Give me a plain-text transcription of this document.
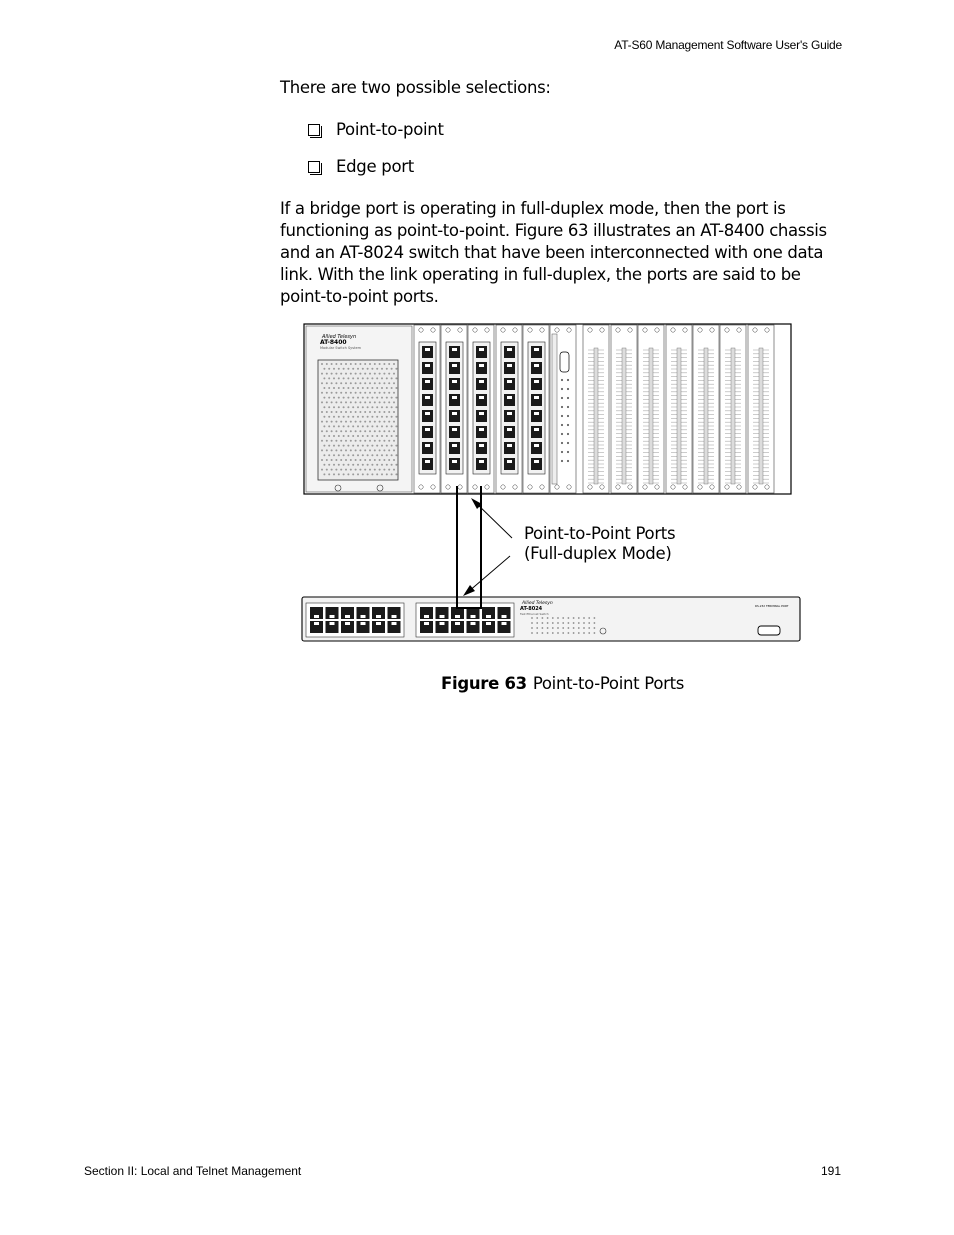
AT-S60 Management Software User's Guide
There are two possible selections:
Point-to-point
Edge port

If a bridge port is operating in full-duplex mode, then the port is functioning as point-to-point. Figure 63 illustrates an AT-8400 chassis and an AT-8024 switch that have been interconnected with one data link. With the link operating in full-duplex, the ports are said to be point-to-point ports.

Allied Telesyn
AT-8400
Modular Switch System
Allied Telesyn
AT-8024
Fast Ethernet Switch
RS-232 TERMINAL PORT
Point-to-Point Ports
(Full-duplex Mode)
Figure 63 Point-to-Point Ports
Section II: Local and Telnet Management	191
